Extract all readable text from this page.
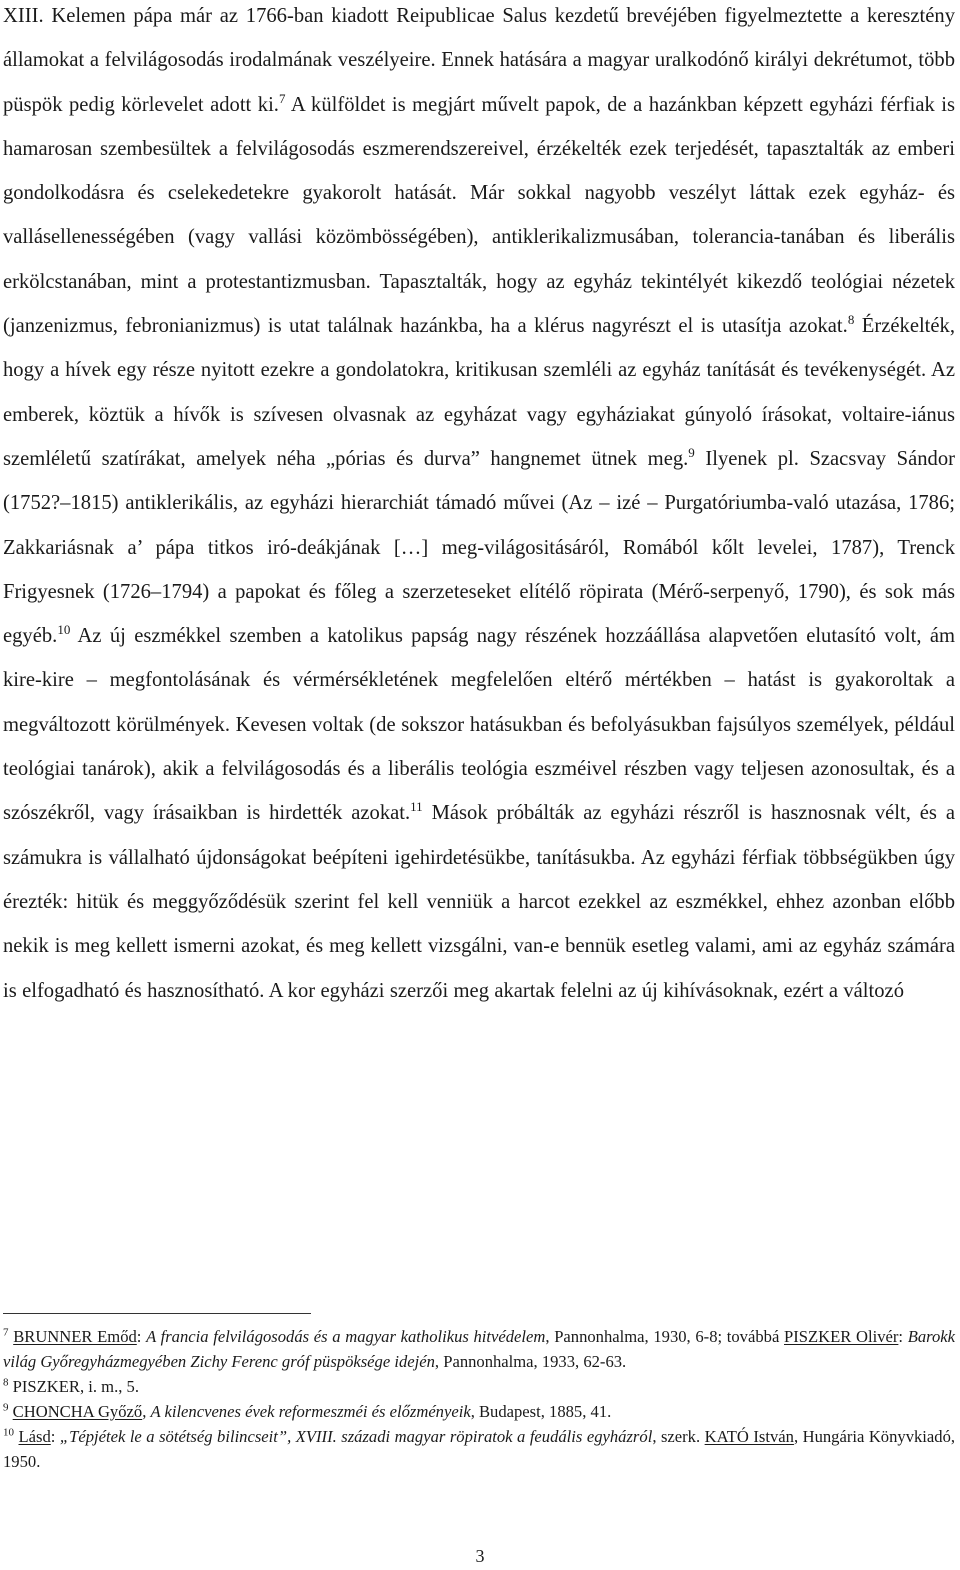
XIII. Kelemen pápa már az 1766-ban kiadott Reipublicae Salus kezdetű brevéjében figyelmeztette a keresztény államokat a felvilágosodás irodalmának veszélyeire. Ennek hatására a magyar uralkodónő királyi dekrétumot, több püspök pedig körlevelet adott ki.$^7$ A külföldet is megjárt művelt papok, de a hazánkban képzett egyházi férfiak is hamarosan szembesültek a felvilágosodás eszmerendszereivel, érzékelték ezek terjedését, tapasztalták az emberi gondolkodásra és cselekedetekre gyakorolt hatását. Már sokkal nagyobb veszélyt láttak ezek egyház- és vallásellenességében (vagy vallási közömbösségében), antiklerikalizmusában, tolerancia-tanában és liberális erkölcstanában, mint a protestantizmusban. Tapasztalták, hogy az egyház tekintélyét kikezdő teológiai nézetek (janzenizmus, febronianizmus) is utat találnak hazánkba, ha a klérus nagyrészt el is utasítja azokat.$^8$ Érzékelték, hogy a hívek egy része nyitott ezekre a gondolatokra, kritikusan szemléli az egyház tanítását és tevékenységét. Az emberek, köztük a hívők is szívesen olvasnak az egyházat vagy egyháziakat gúnyoló írásokat, voltaire-iánus szemléletű szatírákat, amelyek néha „pórias és durva” hangnemet ütnek meg.$^9$ Ilyenek pl. Szacsvay Sándor (1752?–1815) antiklerikális, az egyházi hierarchiát támadó művei (Az – izé – Purgatóriumba-való utazása, 1786; Zakkariásnak a’ pápa titkos iró-deákjának […] meg-világositásáról, Romából kőlt levelei, 1787), Trenck Frigyesnek (1726–1794) a papokat és főleg a szerzeteseket elítélő röpirata (Mérő-serpenyő, 1790), és sok más egyéb.$^{10}$ Az új eszmékkel szemben a katolikus papság nagy részének hozzáállása alapvetően elutasító volt, ám kire-kire – megfontolásának és vérmérsékletének megfelelően eltérő mértékben – hatást is gyakoroltak a megváltozott körülmények. Kevesen voltak (de sokszor hatásukban és befolyásukban fajsúlyos személyek, például teológiai tanárok), akik a felvilágosodás és a liberális teológia eszméivel részben vagy teljesen azonosultak, és a szószékről, vagy írásaikban is hirdették azokat.$^{11}$ Mások próbálták az egyházi részről is hasznosnak vélt, és a számukra is vállalható újdonságokat beépíteni igehirdetésükbe, tanításukba. Az egyházi férfiak többségükben úgy érezték: hitük és meggyőződésük szerint fel kell venniük a harcot ezekkel az eszmékkel, ehhez azonban előbb nekik is meg kellett ismerni azokat, és meg kellett vizsgálni, van-e bennük esetleg valami, ami az egyház számára is elfogadható és hasznosítható. A kor egyházi szerzői meg akartak felelni az új kihívásoknak, ezért a változó

$^7$ BRUNNER Emőd: A francia felvilágosodás és a magyar katholikus hitvédelem, Pannonhalma, 1930, 6-8; továbbá PISZKER Olivér: Barokk világ Győregyházmegyében Zichy Ferenc gróf püspöksége idején, Pannonhalma, 1933, 62-63.

$^8$ PISZKER, i. m., 5.

$^9$ CHONCHA Győző, A kilencvenes évek reformeszméi és előzményeik, Budapest, 1885, 41.

$^{10}$ Lásd: „Tépjétek le a sötétség bilincseit”, XVIII. századi magyar röpiratok a feudális egyházról, szerk. KATÓ István, Hungária Könyvkiadó, 1950.

3
